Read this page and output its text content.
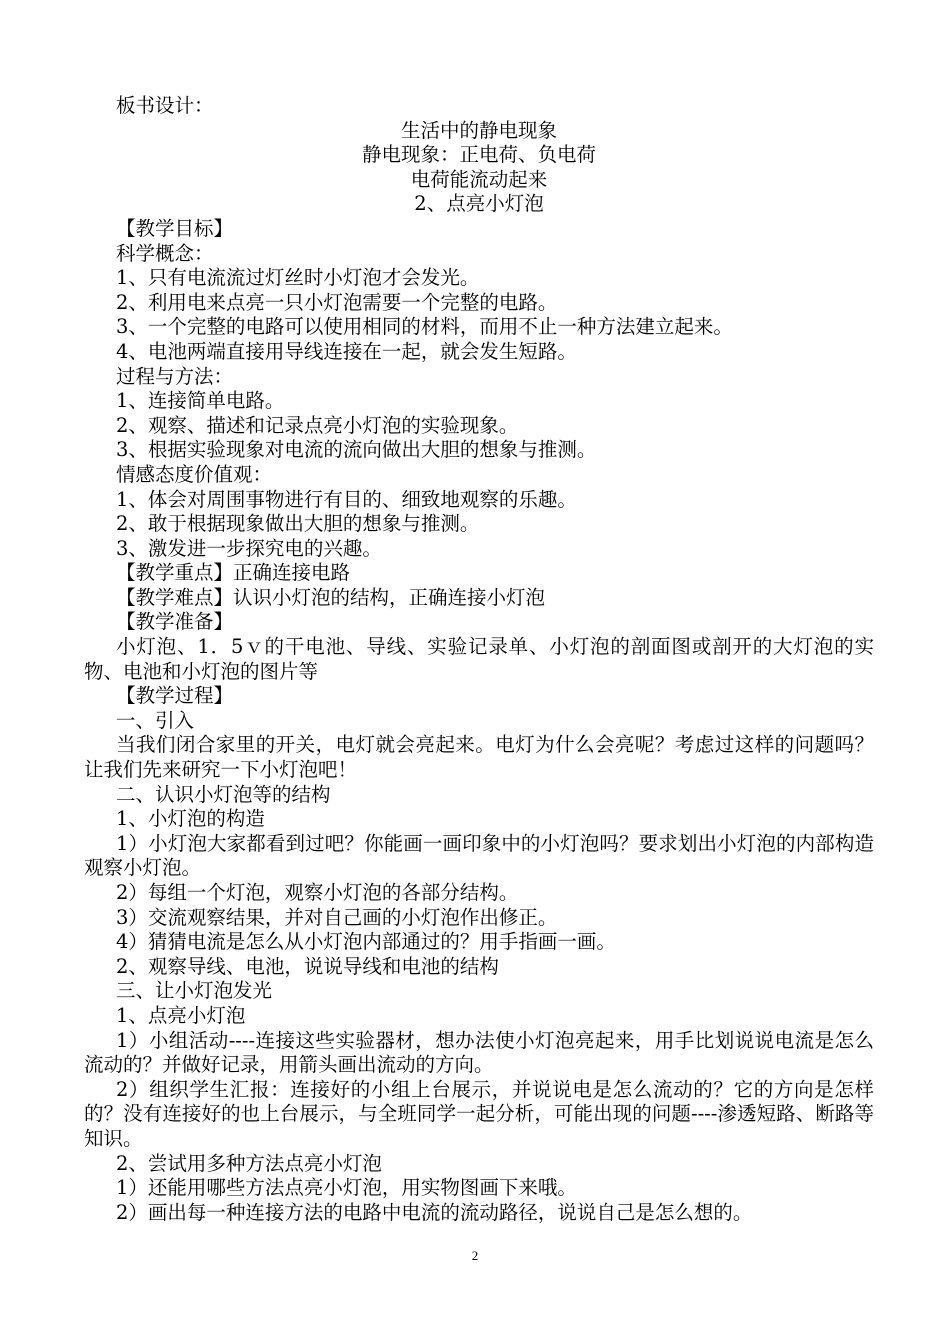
板书设计：

生活中的静电现象

静电现象：正电荷、负电荷

电荷能流动起来

2、点亮小灯泡

【教学目标】

科学概念：

1、只有电流流过灯丝时小灯泡才会发光。

2、利用电来点亮一只小灯泡需要一个完整的电路。

3、一个完整的电路可以使用相同的材料，而用不止一种方法建立起来。

4、电池两端直接用导线连接在一起，就会发生短路。

过程与方法：

1、连接简单电路。

2、观察、描述和记录点亮小灯泡的实验现象。

3、根据实验现象对电流的流向做出大胆的想象与推测。

情感态度价值观：

1、体会对周围事物进行有目的、细致地观察的乐趣。

2、敢于根据现象做出大胆的想象与推测。

3、激发进一步探究电的兴趣。

【教学重点】正确连接电路

【教学难点】认识小灯泡的结构，正确连接小灯泡

【教学准备】

小灯泡、1．5ｖ的干电池、导线、实验记录单、小灯泡的剖面图或剖开的大灯泡的实物、电池和小灯泡的图片等

【教学过程】

一、引入

当我们闭合家里的开关，电灯就会亮起来。电灯为什么会亮呢？考虑过这样的问题吗？让我们先来研究一下小灯泡吧！

二、认识小灯泡等的结构

1、小灯泡的构造

1）小灯泡大家都看到过吧？你能画一画印象中的小灯泡吗？要求划出小灯泡的内部构造观察小灯泡。

2）每组一个灯泡，观察小灯泡的各部分结构。

3）交流观察结果，并对自己画的小灯泡作出修正。

4）猜猜电流是怎么从小灯泡内部通过的？用手指画一画。

2、观察导线、电池，说说导线和电池的结构

三、让小灯泡发光

1、点亮小灯泡

1）小组活动----连接这些实验器材，想办法使小灯泡亮起来，用手比划说说电流是怎么流动的？并做好记录，用箭头画出流动的方向。

2）组织学生汇报：连接好的小组上台展示，并说说电是怎么流动的？它的方向是怎样的？没有连接好的也上台展示，与全班同学一起分析，可能出现的问题----渗透短路、断路等知识。

2、尝试用多种方法点亮小灯泡

1）还能用哪些方法点亮小灯泡，用实物图画下来哦。

2）画出每一种连接方法的电路中电流的流动路径，说说自己是怎么想的。

2
